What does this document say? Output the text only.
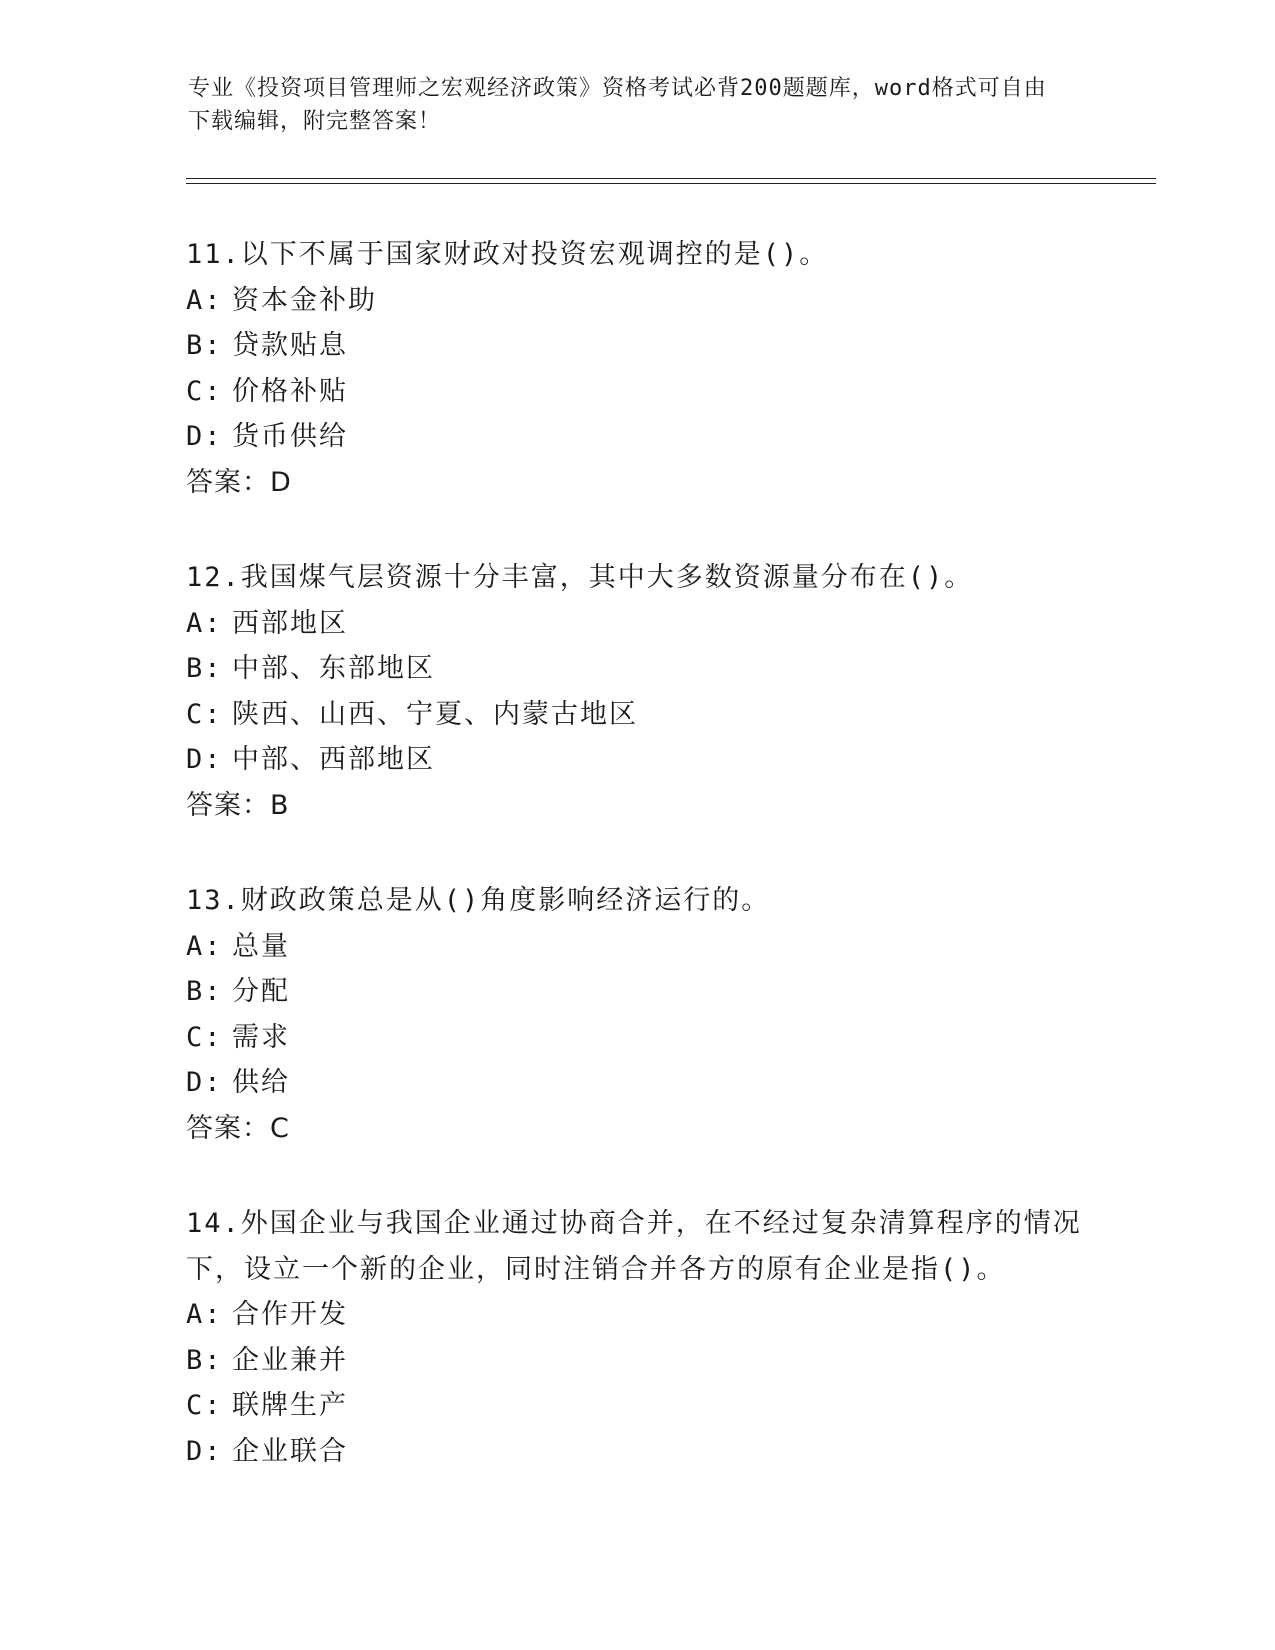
专业《投资项目管理师之宏观经济政策》资格考试必背200题题库，word格式可自由下载编辑，附完整答案！
11.以下不属于国家财政对投资宏观调控的是()。
A: 资本金补助
B: 贷款贴息
C: 价格补贴
D: 货币供给
答案：D
12.我国煤气层资源十分丰富，其中大多数资源量分布在()。
A: 西部地区
B: 中部、东部地区
C: 陕西、山西、宁夏、内蒙古地区
D: 中部、西部地区
答案：B
13.财政政策总是从()角度影响经济运行的。
A: 总量
B: 分配
C: 需求
D: 供给
答案：C
14.外国企业与我国企业通过协商合并，在不经过复杂清算程序的情况下，设立一个新的企业，同时注销合并各方的原有企业是指()。
A: 合作开发
B: 企业兼并
C: 联牌生产
D: 企业联合
